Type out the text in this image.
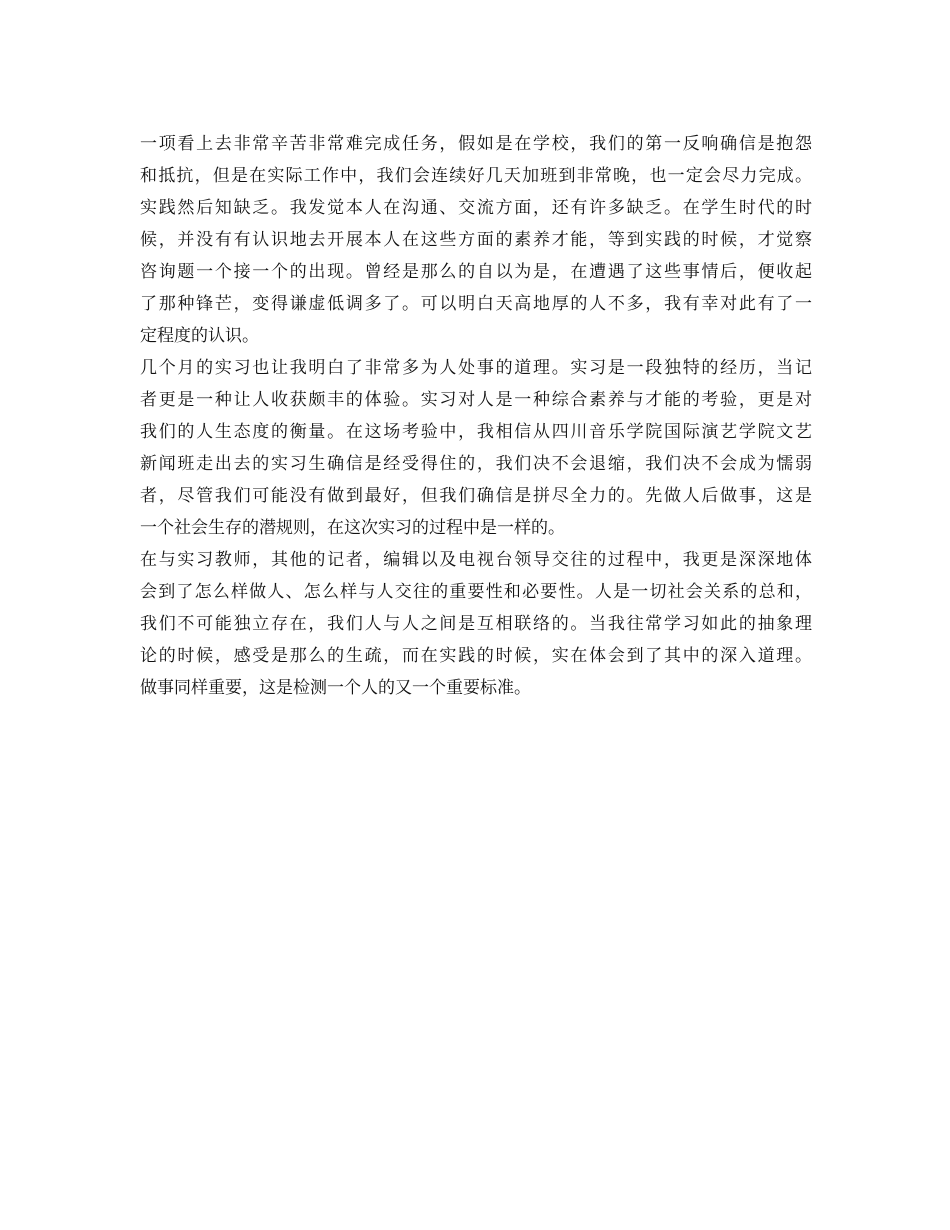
一项看上去非常辛苦非常难完成任务，假如是在学校，我们的第一反响确信是抱怨
和抵抗，但是在实际工作中，我们会连续好几天加班到非常晚，也一定会尽力完成。
实践然后知缺乏。我发觉本人在沟通、交流方面，还有许多缺乏。在学生时代的时
候，并没有有认识地去开展本人在这些方面的素养才能，等到实践的时候，才觉察
咨询题一个接一个的出现。曾经是那么的自以为是，在遭遇了这些事情后，便收起
了那种锋芒，变得谦虚低调多了。可以明白天高地厚的人不多，我有幸对此有了一
定程度的认识。
几个月的实习也让我明白了非常多为人处事的道理。实习是一段独特的经历，当记
者更是一种让人收获颇丰的体验。实习对人是一种综合素养与才能的考验，更是对
我们的人生态度的衡量。在这场考验中，我相信从四川音乐学院国际演艺学院文艺
新闻班走出去的实习生确信是经受得住的，我们决不会退缩，我们决不会成为懦弱
者，尽管我们可能没有做到最好，但我们确信是拼尽全力的。先做人后做事，这是
一个社会生存的潜规则，在这次实习的过程中是一样的。
在与实习教师，其他的记者，编辑以及电视台领导交往的过程中，我更是深深地体
会到了怎么样做人、怎么样与人交往的重要性和必要性。人是一切社会关系的总和，
我们不可能独立存在，我们人与人之间是互相联络的。当我往常学习如此的抽象理
论的时候，感受是那么的生疏，而在实践的时候，实在体会到了其中的深入道理。
做事同样重要，这是检测一个人的又一个重要标准。
